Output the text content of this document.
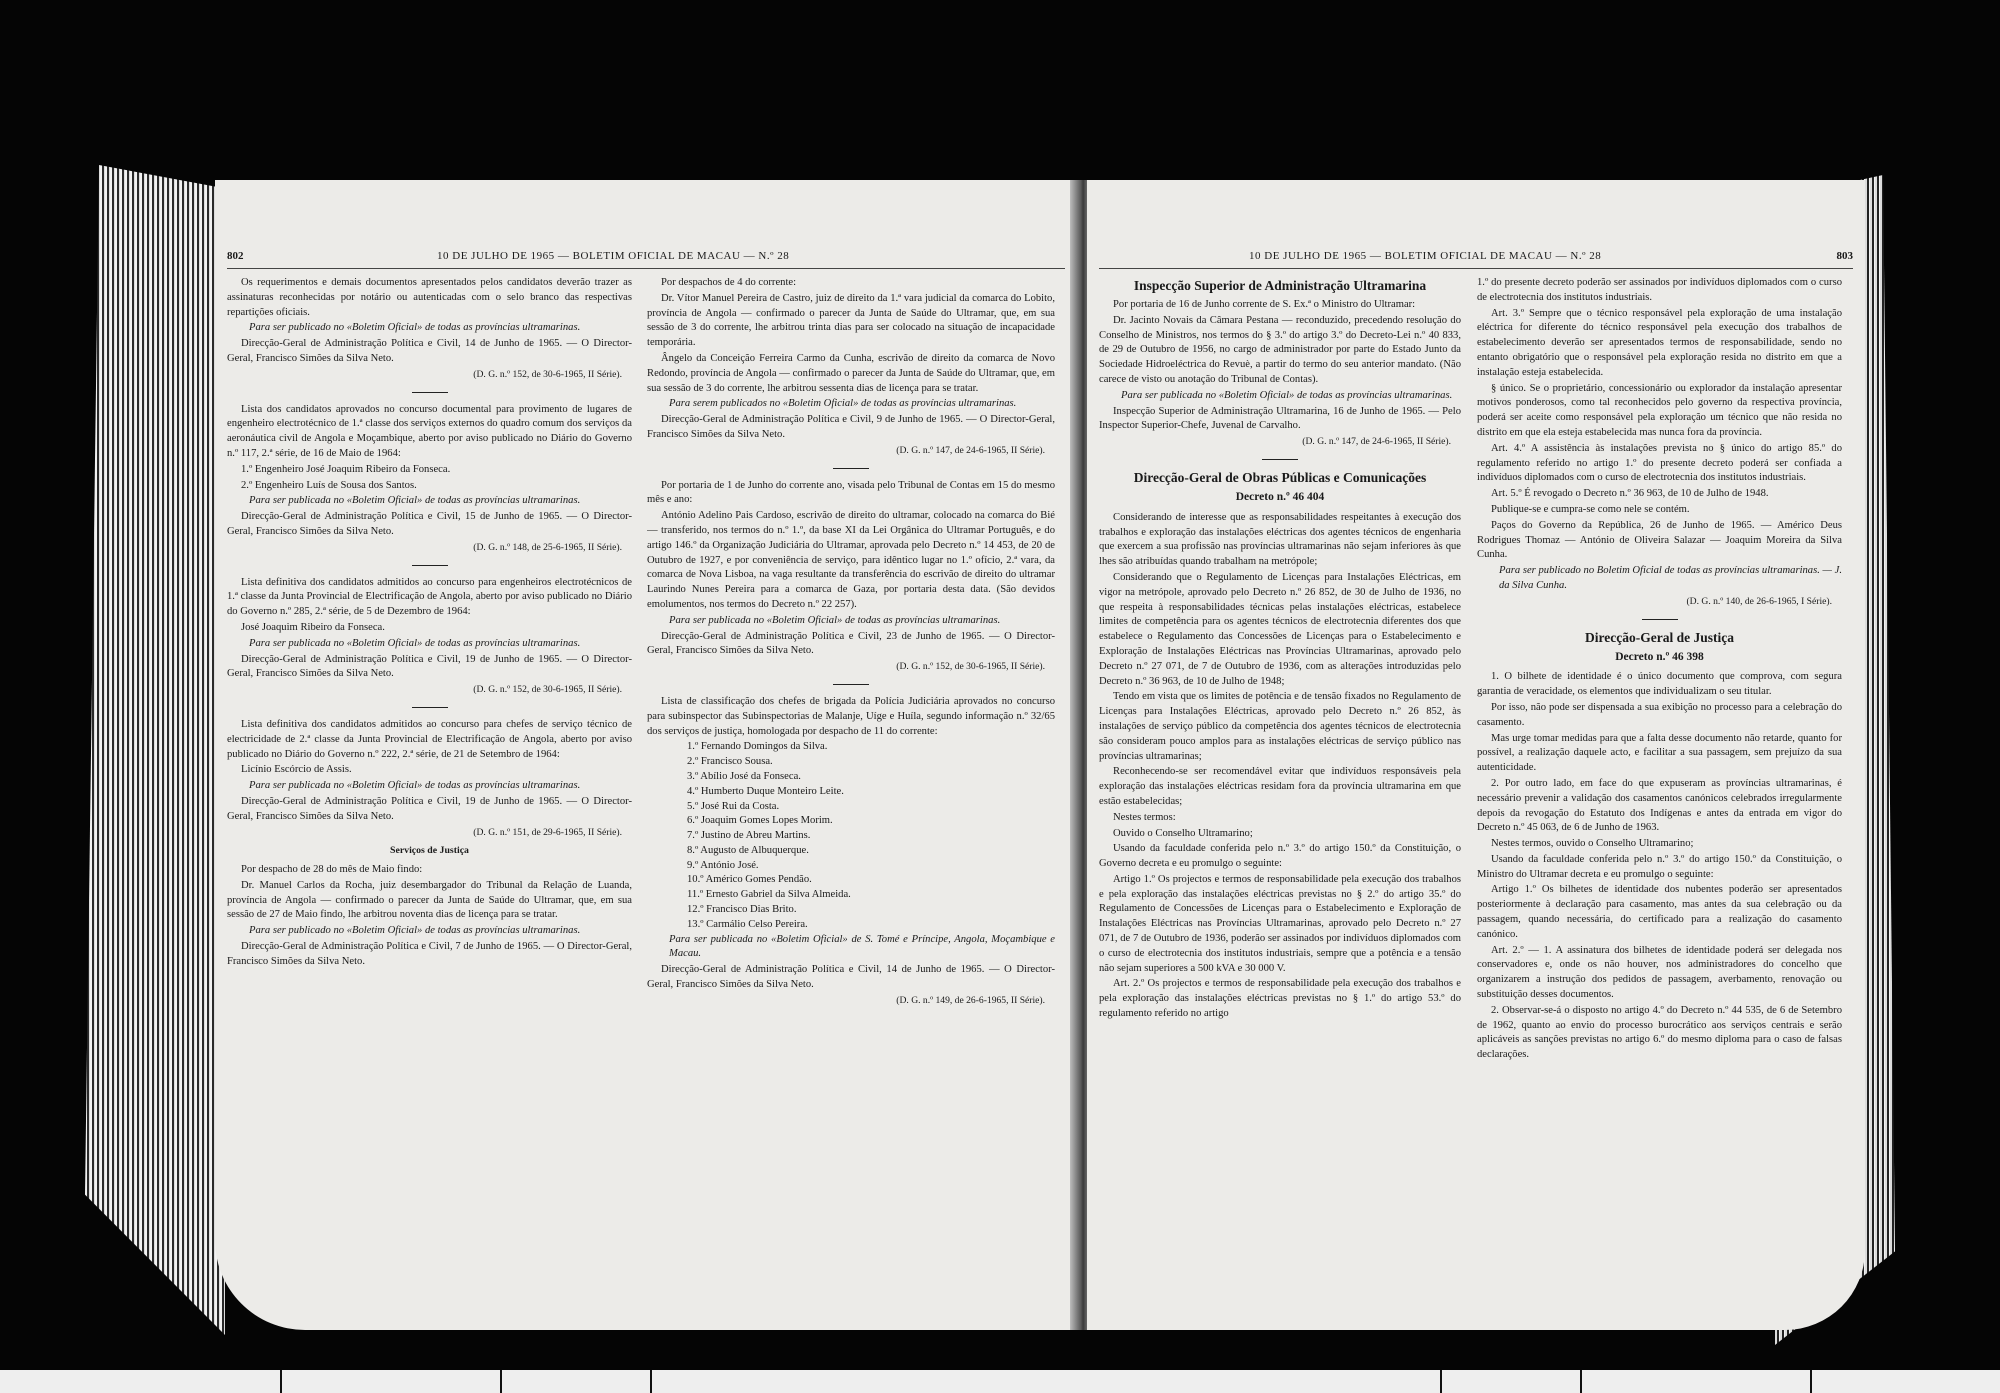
802	10 DE JULHO DE 1965 — BOLETIM OFICIAL DE MACAU — N.º 28

Os requerimentos e demais documentos apresentados pelos candidatos deverão trazer as assinaturas reconhecidas por notário ou autenticadas com o selo branco das respectivas repartições oficiais.

Para ser publicado no «Boletim Oficial» de todas as províncias ultramarinas.

Direcção-Geral de Administração Política e Civil, 14 de Junho de 1965. — O Director-Geral, Francisco Simões da Silva Neto.

(D. G. n.º 152, de 30-6-1965, II Série).

Lista dos candidatos aprovados no concurso documental para provimento de lugares de engenheiro electrotécnico de 1.ª classe dos serviços externos do quadro comum dos serviços da aeronáutica civil de Angola e Moçambique, aberto por aviso publicado no Diário do Governo n.º 117, 2.ª série, de 16 de Maio de 1964:

1.º Engenheiro José Joaquim Ribeiro da Fonseca.

2.º Engenheiro Luís de Sousa dos Santos.

Para ser publicada no «Boletim Oficial» de todas as províncias ultramarinas.

Direcção-Geral de Administração Política e Civil, 15 de Junho de 1965. — O Director-Geral, Francisco Simões da Silva Neto.

(D. G. n.º 148, de 25-6-1965, II Série).

Lista definitiva dos candidatos admitidos ao concurso para engenheiros electrotécnicos de 1.ª classe da Junta Provincial de Electrificação de Angola, aberto por aviso publicado no Diário do Governo n.º 285, 2.ª série, de 5 de Dezembro de 1964:

José Joaquim Ribeiro da Fonseca.

Para ser publicada no «Boletim Oficial» de todas as províncias ultramarinas.

Direcção-Geral de Administração Política e Civil, 19 de Junho de 1965. — O Director-Geral, Francisco Simões da Silva Neto.

(D. G. n.º 152, de 30-6-1965, II Série).

Lista definitiva dos candidatos admitidos ao concurso para chefes de serviço técnico de electricidade de 2.ª classe da Junta Provincial de Electrificação de Angola, aberto por aviso publicado no Diário do Governo n.º 222, 2.ª série, de 21 de Setembro de 1964:

Licínio Escórcio de Assis.

Para ser publicada no «Boletim Oficial» de todas as províncias ultramarinas.

Direcção-Geral de Administração Política e Civil, 19 de Junho de 1965. — O Director-Geral, Francisco Simões da Silva Neto.

(D. G. n.º 151, de 29-6-1965, II Série).

Serviços de Justiça

Por despacho de 28 do mês de Maio findo:

Dr. Manuel Carlos da Rocha, juiz desembargador do Tribunal da Relação de Luanda, província de Angola — confirmado o parecer da Junta de Saúde do Ultramar, que, em sua sessão de 27 de Maio findo, lhe arbitrou noventa dias de licença para se tratar.

Para ser publicado no «Boletim Oficial» de todas as províncias ultramarinas.

Direcção-Geral de Administração Política e Civil, 7 de Junho de 1965. — O Director-Geral, Francisco Simões da Silva Neto.

Por despachos de 4 do corrente:

Dr. Vítor Manuel Pereira de Castro, juiz de direito da 1.ª vara judicial da comarca do Lobito, província de Angola — confirmado o parecer da Junta de Saúde do Ultramar, que, em sua sessão de 3 do corrente, lhe arbitrou trinta dias para ser colocado na situação de incapacidade temporária.

Ângelo da Conceição Ferreira Carmo da Cunha, escrivão de direito da comarca de Novo Redondo, província de Angola — confirmado o parecer da Junta de Saúde do Ultramar, que, em sua sessão de 3 do corrente, lhe arbitrou sessenta dias de licença para se tratar.

Para serem publicados no «Boletim Oficial» de todas as províncias ultramarinas.

Direcção-Geral de Administração Política e Civil, 9 de Junho de 1965. — O Director-Geral, Francisco Simões da Silva Neto.

(D. G. n.º 147, de 24-6-1965, II Série).

Por portaria de 1 de Junho do corrente ano, visada pelo Tribunal de Contas em 15 do mesmo mês e ano:

António Adelino Pais Cardoso, escrivão de direito do ultramar, colocado na comarca do Bié — transferido, nos termos do n.º 1.º, da base XI da Lei Orgânica do Ultramar Português, e do artigo 146.º da Organização Judiciária do Ultramar, aprovada pelo Decreto n.º 14 453, de 20 de Outubro de 1927, e por conveniência de serviço, para idêntico lugar no 1.º ofício, 2.ª vara, da comarca de Nova Lisboa, na vaga resultante da transferência do escrivão de direito do ultramar Laurindo Nunes Pereira para a comarca de Gaza, por portaria desta data. (São devidos emolumentos, nos termos do Decreto n.º 22 257).

Para ser publicada no «Boletim Oficial» de todas as províncias ultramarinas.

Direcção-Geral de Administração Política e Civil, 23 de Junho de 1965. — O Director-Geral, Francisco Simões da Silva Neto.

(D. G. n.º 152, de 30-6-1965, II Série).

Lista de classificação dos chefes de brigada da Polícia Judiciária aprovados no concurso para subinspector das Subinspectorias de Malanje, Uíge e Huíla, segundo informação n.º 32/65 dos serviços de justiça, homologada por despacho de 11 do corrente:

1.º Fernando Domingos da Silva.

2.º Francisco Sousa.

3.º Abílio José da Fonseca.

4.º Humberto Duque Monteiro Leite.

5.º José Rui da Costa.

6.º Joaquim Gomes Lopes Morim.

7.º Justino de Abreu Martins.

8.º Augusto de Albuquerque.

9.º António José.

10.º Américo Gomes Pendão.

11.º Ernesto Gabriel da Silva Almeida.

12.º Francisco Dias Brito.

13.º Carmálio Celso Pereira.

Para ser publicada no «Boletim Oficial» de S. Tomé e Príncipe, Angola, Moçambique e Macau.

Direcção-Geral de Administração Política e Civil, 14 de Junho de 1965. — O Director-Geral, Francisco Simões da Silva Neto.

(D. G. n.º 149, de 26-6-1965, II Série).

10 DE JULHO DE 1965 — BOLETIM OFICIAL DE MACAU — N.º 28	803
Inspecção Superior de Administração Ultramarina

Por portaria de 16 de Junho corrente de S. Ex.ª o Ministro do Ultramar:

Dr. Jacinto Novais da Câmara Pestana — reconduzido, precedendo resolução do Conselho de Ministros, nos termos do § 3.º do artigo 3.º do Decreto-Lei n.º 40 833, de 29 de Outubro de 1956, no cargo de administrador por parte do Estado Junto da Sociedade Hidroeléctrica do Revuè, a partir do termo do seu anterior mandato. (Não carece de visto ou anotação do Tribunal de Contas).

Para ser publicada no «Boletim Oficial» de todas as províncias ultramarinas.

Inspecção Superior de Administração Ultramarina, 16 de Junho de 1965. — Pelo Inspector Superior-Chefe, Juvenal de Carvalho.

(D. G. n.º 147, de 24-6-1965, II Série).

Direcção-Geral de Obras Públicas e Comunicações
Decreto n.º 46 404

Considerando de interesse que as responsabilidades respeitantes à execução dos trabalhos e exploração das instalações eléctricas dos agentes técnicos de engenharia que exercem a sua profissão nas províncias ultramarinas não sejam inferiores às que lhes são atribuídas quando trabalham na metrópole;

Considerando que o Regulamento de Licenças para Instalações Eléctricas, em vigor na metrópole, aprovado pelo Decreto n.º 26 852, de 30 de Julho de 1936, no que respeita à responsabilidades técnicas pelas instalações eléctricas, estabelece limites de competência para os agentes técnicos de electrotecnia diferentes dos que estabelece o Regulamento das Concessões de Licenças para o Estabelecimento e Exploração de Instalações Eléctricas nas Províncias Ultramarinas, aprovado pelo Decreto n.º 27 071, de 7 de Outubro de 1936, com as alterações introduzidas pelo Decreto n.º 36 963, de 10 de Julho de 1948;

Tendo em vista que os limites de potência e de tensão fixados no Regulamento de Licenças para Instalações Eléctricas, aprovado pelo Decreto n.º 26 852, às instalações de serviço público da competência dos agentes técnicos de electrotecnia são consideram pouco amplos para as instalações eléctricas de serviço público nas províncias ultramarinas;

Reconhecendo-se ser recomendável evitar que indivíduos responsáveis pela exploração das instalações eléctricas residam fora da província ultramarina em que estão estabelecidas;

Nestes termos:

Ouvido o Conselho Ultramarino;

Usando da faculdade conferida pelo n.º 3.º do artigo 150.º da Constituição, o Governo decreta e eu promulgo o seguinte:

Artigo 1.º Os projectos e termos de responsabilidade pela execução dos trabalhos e pela exploração das instalações eléctricas previstas no § 2.º do artigo 35.º do Regulamento de Concessões de Licenças para o Estabelecimento e Exploração de Instalações Eléctricas nas Províncias Ultramarinas, aprovado pelo Decreto n.º 27 071, de 7 de Outubro de 1936, poderão ser assinados por indivíduos diplomados com o curso de electrotecnia dos institutos industriais, sempre que a potência e a tensão não sejam superiores a 500 kVA e 30 000 V.

Art. 2.º Os projectos e termos de responsabilidade pela execução dos trabalhos e pela exploração das instalações eléctricas previstas no § 1.º do artigo 53.º do regulamento referido no artigo

1.º do presente decreto poderão ser assinados por indivíduos diplomados com o curso de electrotecnia dos institutos industriais.

Art. 3.º Sempre que o técnico responsável pela exploração de uma instalação eléctrica for diferente do técnico responsável pela execução dos trabalhos de estabelecimento deverão ser apresentados termos de responsabilidade, sendo no entanto obrigatório que o responsável pela exploração resida no distrito em que a instalação esteja estabelecida.

§ único. Se o proprietário, concessionário ou explorador da instalação apresentar motivos ponderosos, como tal reconhecidos pelo governo da respectiva província, poderá ser aceite como responsável pela exploração um técnico que não resida no distrito em que ela esteja estabelecida mas nunca fora da província.

Art. 4.º A assistência às instalações prevista no § único do artigo 85.º do regulamento referido no artigo 1.º do presente decreto poderá ser confiada a indivíduos diplomados com o curso de electrotecnia dos institutos industriais.

Art. 5.º É revogado o Decreto n.º 36 963, de 10 de Julho de 1948.

Publique-se e cumpra-se como nele se contém.

Paços do Governo da República, 26 de Junho de 1965. — Américo Deus Rodrigues Thomaz — António de Oliveira Salazar — Joaquim Moreira da Silva Cunha.

Para ser publicado no Boletim Oficial de todas as províncias ultramarinas. — J. da Silva Cunha.

(D. G. n.º 140, de 26-6-1965, I Série).

Direcção-Geral de Justiça
Decreto n.º 46 398

1. O bilhete de identidade é o único documento que comprova, com segura garantia de veracidade, os elementos que individualizam o seu titular.

Por isso, não pode ser dispensada a sua exibição no processo para a celebração do casamento.

Mas urge tomar medidas para que a falta desse documento não retarde, quanto for possível, a realização daquele acto, e facilitar a sua passagem, sem prejuízo da sua autenticidade.

2. Por outro lado, em face do que expuseram as províncias ultramarinas, é necessário prevenir a validação dos casamentos canónicos celebrados irregularmente depois da revogação do Estatuto dos Indígenas e antes da entrada em vigor do Decreto n.º 45 063, de 6 de Junho de 1963.

Nestes termos, ouvido o Conselho Ultramarino;

Usando da faculdade conferida pelo n.º 3.º do artigo 150.º da Constituição, o Ministro do Ultramar decreta e eu promulgo o seguinte:

Artigo 1.º Os bilhetes de identidade dos nubentes poderão ser apresentados posteriormente à declaração para casamento, mas antes da sua celebração ou da passagem, quando necessária, do certificado para a realização do casamento canónico.

Art. 2.º — 1. A assinatura dos bilhetes de identidade poderá ser delegada nos conservadores e, onde os não houver, nos administradores do concelho que organizarem a instrução dos pedidos de passagem, averbamento, renovação ou substituição desses documentos.

2. Observar-se-á o disposto no artigo 4.º do Decreto n.º 44 535, de 6 de Setembro de 1962, quanto ao envio do processo burocrático aos serviços centrais e serão aplicáveis as sanções previstas no artigo 6.º do mesmo diploma para o caso de falsas declarações.
